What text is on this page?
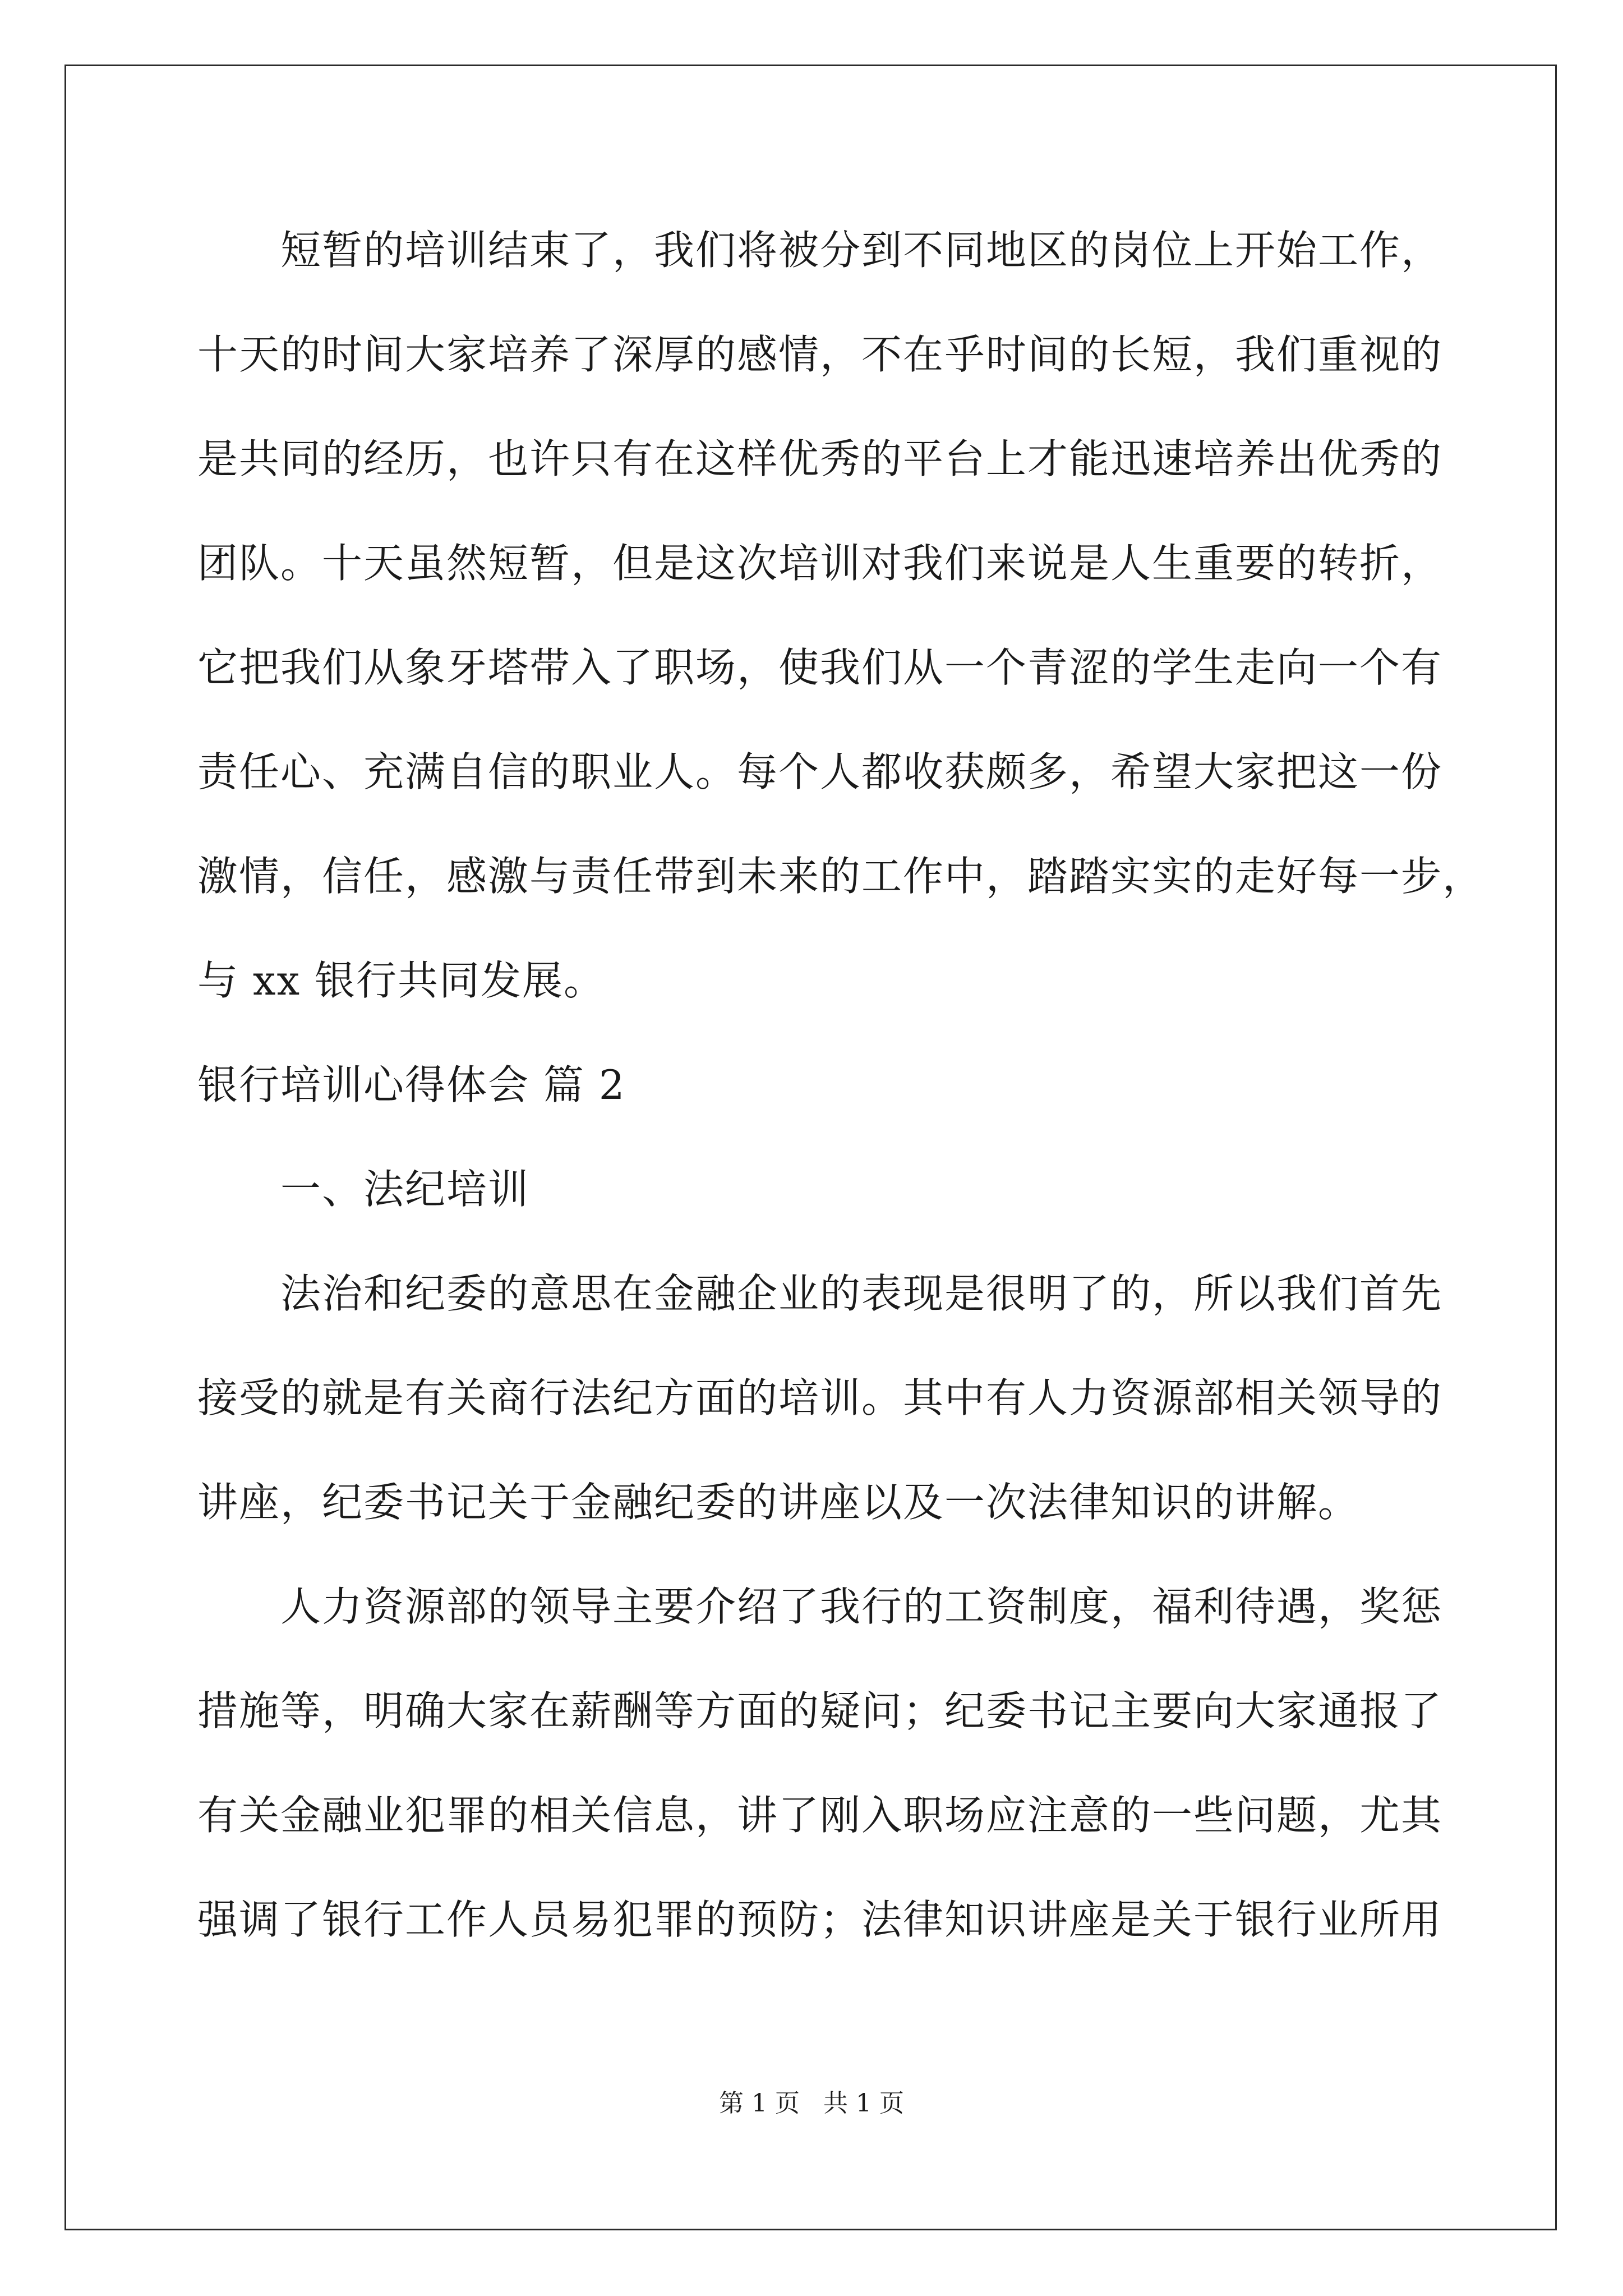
短暂的培训结束了，我们将被分到不同地区的岗位上开始工作，
十天的时间大家培养了深厚的感情，不在乎时间的长短，我们重视的
是共同的经历，也许只有在这样优秀的平台上才能迅速培养出优秀的
团队。十天虽然短暂，但是这次培训对我们来说是人生重要的转折，
它把我们从象牙塔带入了职场，使我们从一个青涩的学生走向一个有
责任心、充满自信的职业人。每个人都收获颇多，希望大家把这一份
激情，信任，感激与责任带到未来的工作中，踏踏实实的走好每一步，
与 xx 银行共同发展。
银行培训心得体会 篇 2
一、法纪培训
法治和纪委的意思在金融企业的表现是很明了的，所以我们首先
接受的就是有关商行法纪方面的培训。其中有人力资源部相关领导的
讲座，纪委书记关于金融纪委的讲座以及一次法律知识的讲解。
人力资源部的领导主要介绍了我行的工资制度，福利待遇，奖惩
措施等，明确大家在薪酬等方面的疑问；纪委书记主要向大家通报了
有关金融业犯罪的相关信息，讲了刚入职场应注意的一些问题，尤其
强调了银行工作人员易犯罪的预防；法律知识讲座是关于银行业所用
第 1 页   共 1 页
